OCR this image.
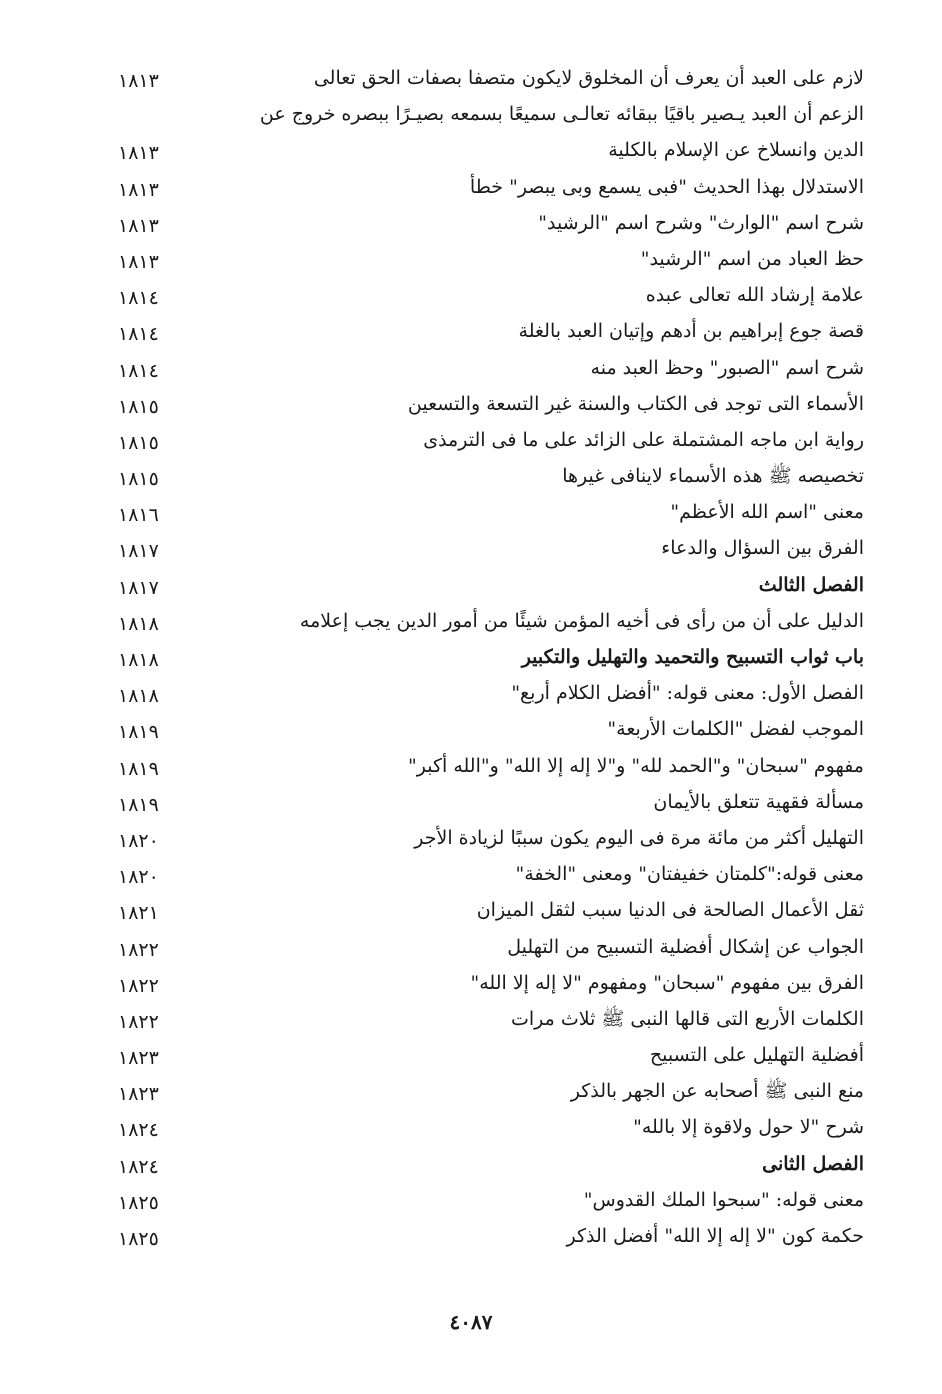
لازم على العبد أن يعرف أن المخلوق لايكون متصفا بصفات الحق تعالى
١٨١٣
الزعم أن العبد يـصير باقيًا ببقائه تعالـى سميعًا بسمعه بصيـرًا ببصره خروج عن
الدين وانسلاخ عن الإسلام بالكلية
١٨١٣
الاستدلال بهذا الحديث "فبى يسمع وبى يبصر" خطأ
١٨١٣
شرح اسم "الوارث" وشرح اسم "الرشيد"
١٨١٣
حظ العباد من اسم "الرشيد"
١٨١٣
علامة إرشاد الله تعالى عبده
١٨١٤
قصة جوع إبراهيم بن أدهم وإتيان العبد بالغلة
١٨١٤
شرح اسم "الصبور" وحظ العبد منه
١٨١٤
الأسماء التى توجد فى الكتاب والسنة غير التسعة والتسعين
١٨١٥
رواية ابن ماجه المشتملة على الزائد على ما فى الترمذى
١٨١٥
تخصيصه ﷺ هذه الأسماء لاينافى غيرها
١٨١٥
معنى "اسم الله الأعظم"
١٨١٦
الفرق بين السؤال والدعاء
١٨١٧
الفصل الثالث
١٨١٧
الدليل على أن من رأى فى أخيه المؤمن شيئًا من أمور الدين يجب إعلامه
١٨١٨
باب ثواب التسبيح والتحميد والتهليل والتكبير
١٨١٨
الفصل الأول: معنى قوله: "أفضل الكلام أربع"
١٨١٨
الموجب لفضل "الكلمات الأربعة"
١٨١٩
مفهوم "سبحان" و"الحمد لله" و"لا إله إلا الله" و"الله أكبر"
١٨١٩
مسألة فقهية تتعلق بالأيمان
١٨١٩
التهليل أكثر من مائة مرة فى اليوم يكون سببًا لزيادة الأجر
١٨٢٠
معنى قوله:"كلمتان خفيفتان" ومعنى "الخفة"
١٨٢٠
ثقل الأعمال الصالحة فى الدنيا سبب لثقل الميزان
١٨٢١
الجواب عن إشكال أفضلية التسبيح من التهليل
١٨٢٢
الفرق بين مفهوم "سبحان" ومفهوم "لا إله إلا الله"
١٨٢٢
الكلمات الأربع التى قالها النبى ﷺ ثلاث مرات
١٨٢٢
أفضلية التهليل على التسبيح
١٨٢٣
منع النبى ﷺ أصحابه عن الجهر بالذكر
١٨٢٣
شرح "لا حول ولاقوة إلا بالله"
١٨٢٤
الفصل الثانى
١٨٢٤
معنى قوله: "سبحوا الملك القدوس"
١٨٢٥
حكمة كون "لا إله إلا الله" أفضل الذكر
١٨٢٥
٤٠٨٧
